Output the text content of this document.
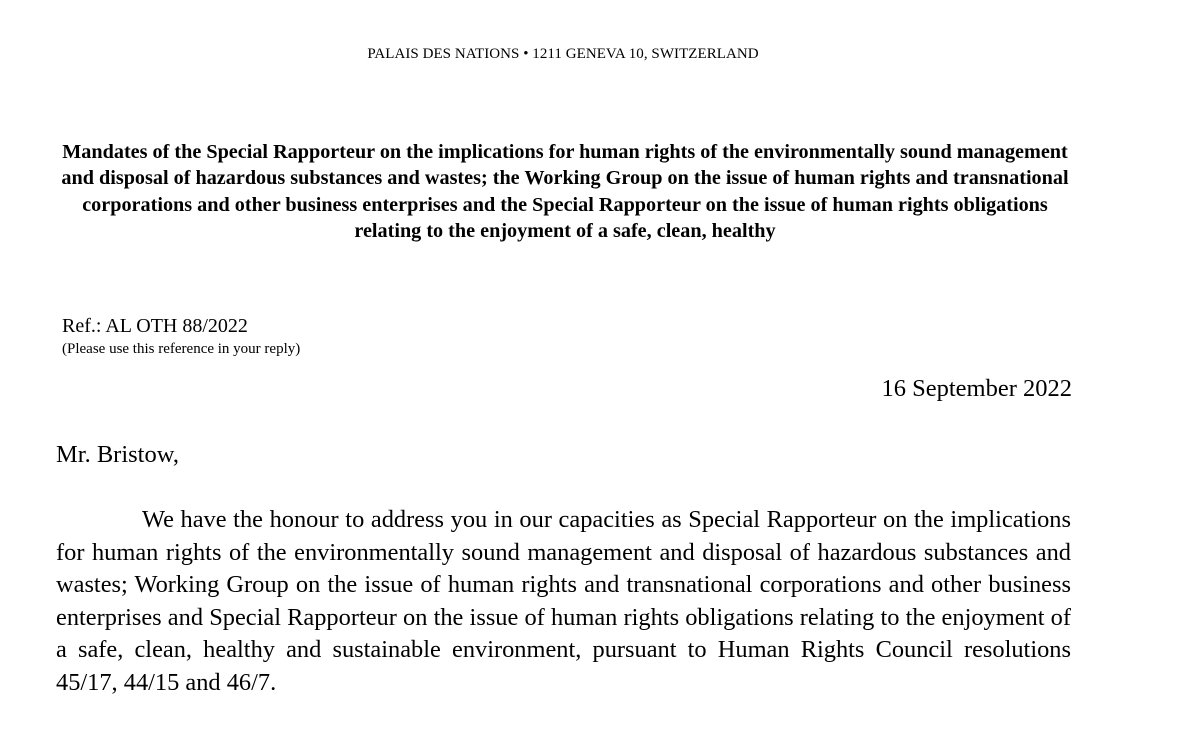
PALAIS DES NATIONS • 1211 GENEVA 10, SWITZERLAND
Mandates of the Special Rapporteur on the implications for human rights of the environmentally sound management and disposal of hazardous substances and wastes; the Working Group on the issue of human rights and transnational corporations and other business enterprises and the Special Rapporteur on the issue of human rights obligations relating to the enjoyment of a safe, clean, healthy
Ref.: AL OTH 88/2022
(Please use this reference in your reply)
16 September 2022
Mr. Bristow,
We have the honour to address you in our capacities as Special Rapporteur on the implications for human rights of the environmentally sound management and disposal of hazardous substances and wastes; Working Group on the issue of human rights and transnational corporations and other business enterprises and Special Rapporteur on the issue of human rights obligations relating to the enjoyment of a safe, clean, healthy and sustainable environment, pursuant to Human Rights Council resolutions 45/17, 44/15 and 46/7.
